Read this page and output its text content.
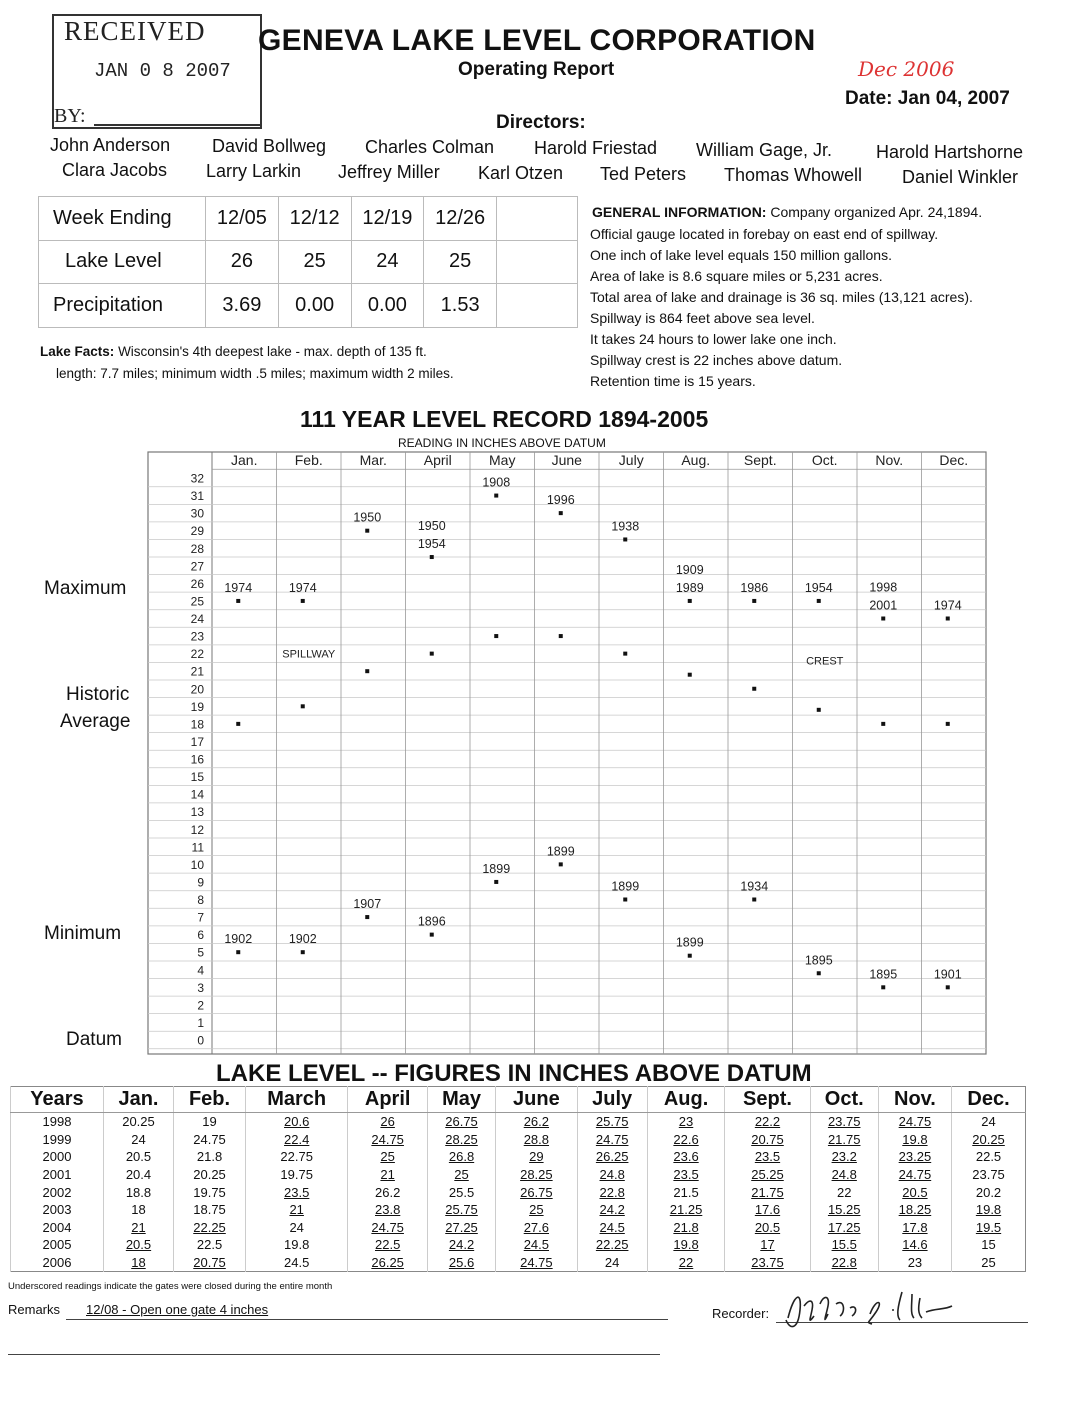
RECEIVED
JAN 0 8 2007
BY:
GENEVA LAKE LEVEL CORPORATION
Operating Report	Dec 2006
Date: Jan 04, 2007
Directors:
John Anderson David Bollweg Charles Colman Harold Friestad William Gage, Jr. Harold Hartshorne
Clara Jacobs Larry Larkin Jeffrey Miller Karl Otzen Ted Peters Thomas Whowell Daniel Winkler
Week Ending	12/05	12/12	12/19	12/26	
Lake Level	26	25	24	25	
Precipitation	3.69	0.00	0.00	1.53	
Lake Facts: Wisconsin's 4th deepest lake - max. depth of 135 ft.
length: 7.7 miles; minimum width .5 miles; maximum width 2 miles.
GENERAL INFORMATION: Company organized Apr. 24,1894.
Official gauge located in forebay on east end of spillway.
One inch of lake level equals 150 million gallons.
Area of lake is 8.6 square miles or 5,231 acres.
Total area of lake and drainage is 36 sq. miles (13,121 acres).
Spillway is 864 feet above sea level.
It takes 24 hours to lower lake one inch.
Spillway crest is 22 inches above datum.
Retention time is 15 years.
111 YEAR LEVEL RECORD 1894-2005
READING IN INCHES ABOVE DATUM
Maximum
Historic
Average
Minimum
Datum	0
1
2
3
4
5
6
7
8
9
10
11
12
13
14
15
16
17
18
19
20
21
22
23
24
25
26
27
28
29
30
31
32
Jan.	Feb.	Mar.	April	May	June	July	Aug. Sept.	Oct.	Nov.	Dec.
SPILLWAY
CREST
1974	1974
1950
1950
1954
1908
1996
1938
1909
1989	1986	1954	1998
2001	1974
1902	1902
1907
1896
1899
1899
1899
1899
1934
1895
1895	1901
LAKE LEVEL -- FIGURES IN INCHES ABOVE DATUM
Years	Jan.	Feb.	March	April	May	June	July	Aug.	Sept.	Oct.	Nov.	Dec.
1998	20.25	19	20.6	26	26.75	26.2	25.75	23	22.2	23.75	24.75	24
1999	24	24.75	22.4	24.75	28.25	28.8	24.75	22.6	20.75	21.75	19.8	20.25
2000	20.5	21.8	22.75	25	26.8	29	26.25	23.6	23.5	23.2	23.25	22.5
2001	20.4	20.25	19.75	21	25	28.25	24.8	23.5	25.25	24.8	24.75	23.75
2002	18.8	19.75	23.5	26.2	25.5	26.75	22.8	21.5	21.75	22	20.5	20.2
2003	18	18.75	21	23.8	25.75	25	24.2	21.25	17.6	15.25	18.25	19.8
2004	21	22.25	24	24.75	27.25	27.6	24.5	21.8	20.5	17.25	17.8	19.5
2005	20.5	22.5	19.8	22.5	24.2	24.5	22.25	19.8	17	15.5	14.6	15
2006	18	20.75	24.5	26.25	25.6	24.75	24	22	23.75	22.8	23	25
Underscored readings indicate the gates were closed during the entire month
Remarks 12/08 - Open one gate 4 inches	Recorder:
